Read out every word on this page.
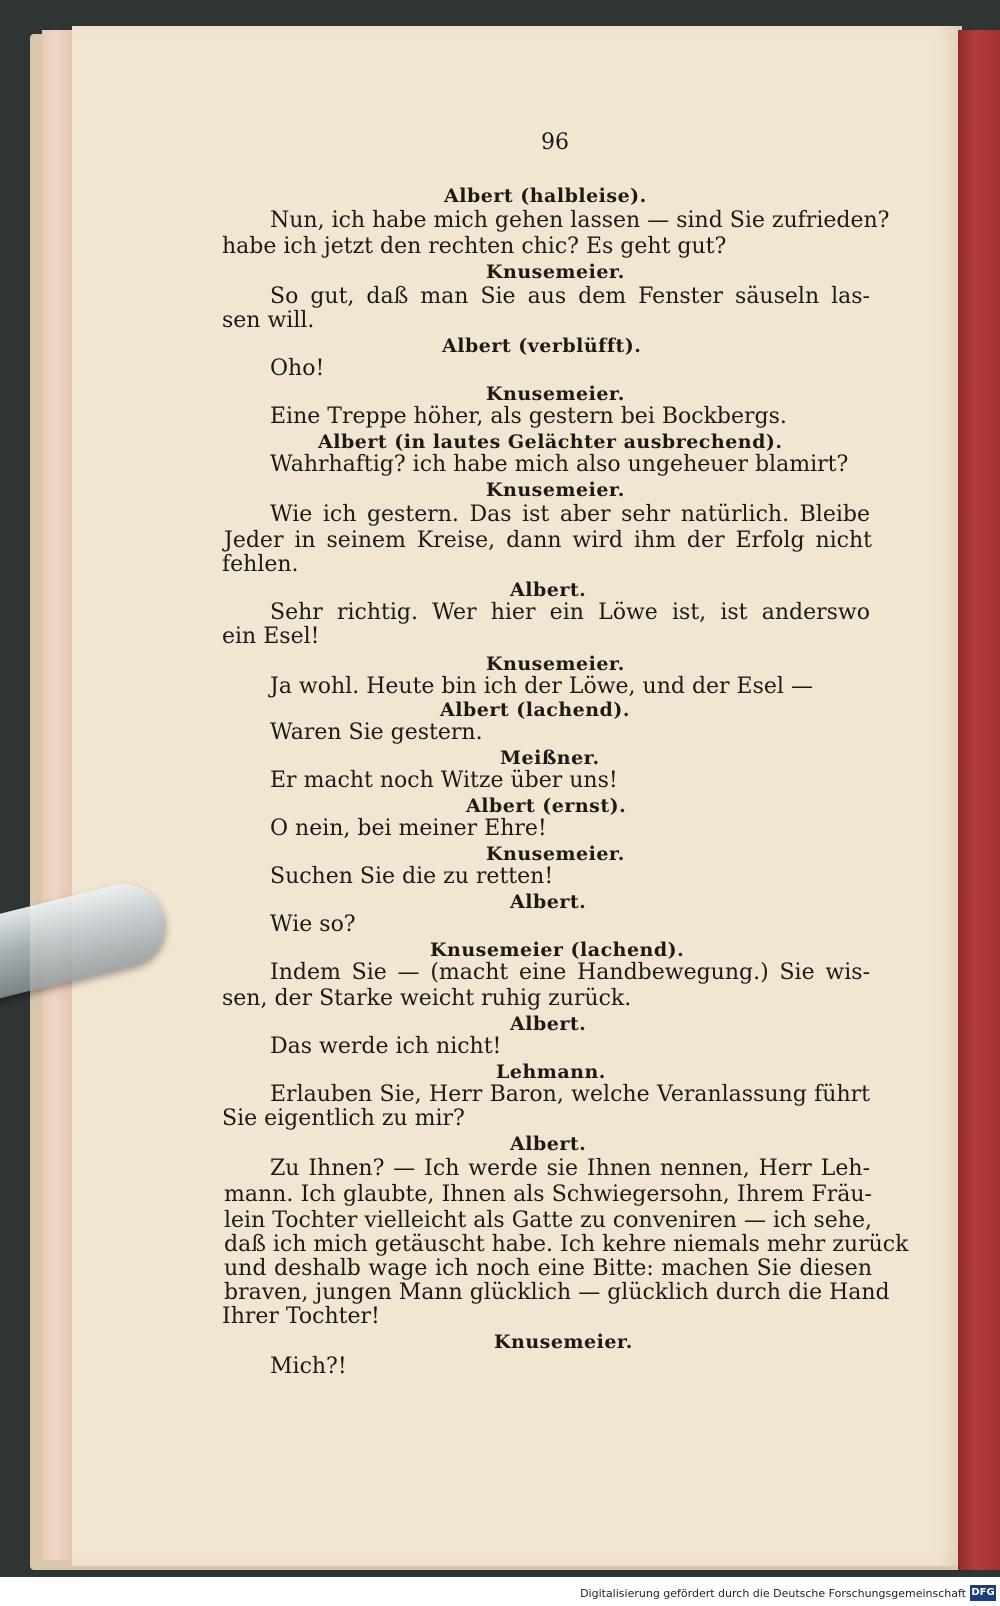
96
Albert (halbleise).
Nun, ich habe mich gehen lassen — sind Sie zufrieden?
habe ich jetzt den rechten chic? Es geht gut?
Knusemeier.
So gut, daß man Sie aus dem Fenster säuseln las-
sen will.
Albert (verblüfft).
Oho!
Knusemeier.
Eine Treppe höher, als gestern bei Bockbergs.
Albert (in lautes Gelächter ausbrechend).
Wahrhaftig? ich habe mich also ungeheuer blamirt?
Knusemeier.
Wie ich gestern. Das ist aber sehr natürlich. Bleibe
Jeder in seinem Kreise, dann wird ihm der Erfolg nicht
fehlen.
Albert.
Sehr richtig. Wer hier ein Löwe ist, ist anderswo
ein Esel!
Knusemeier.
Ja wohl. Heute bin ich der Löwe, und der Esel —
Albert (lachend).
Waren Sie gestern.
Meißner.
Er macht noch Witze über uns!
Albert (ernst).
O nein, bei meiner Ehre!
Knusemeier.
Suchen Sie die zu retten!
Albert.
Wie so?
Knusemeier (lachend).
Indem Sie — (macht eine Handbewegung.) Sie wis-
sen, der Starke weicht ruhig zurück.
Albert.
Das werde ich nicht!
Lehmann.
Erlauben Sie, Herr Baron, welche Veranlassung führt
Sie eigentlich zu mir?
Albert.
Zu Ihnen? — Ich werde sie Ihnen nennen, Herr Leh-
mann. Ich glaubte, Ihnen als Schwiegersohn, Ihrem Fräu-
lein Tochter vielleicht als Gatte zu conveniren — ich sehe,
daß ich mich getäuscht habe. Ich kehre niemals mehr zurück
und deshalb wage ich noch eine Bitte: machen Sie diesen
braven, jungen Mann glücklich — glücklich durch die Hand
Ihrer Tochter!
Knusemeier.
Mich?!
Digitalisierung gefördert durch die Deutsche Forschungsgemeinschaft DFG
